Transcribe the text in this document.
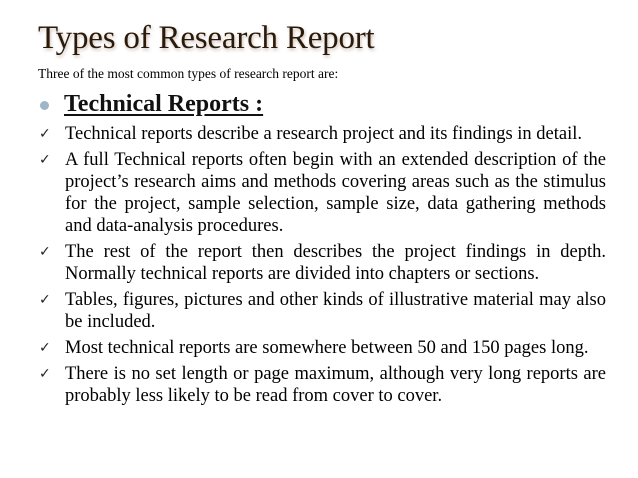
Types of Research Report
Three of the most common types of research report are:
Technical Reports :
✓ Technical reports describe a research project and its findings in detail.
✓ A full Technical reports often begin with an extended description of the project’s research aims and methods covering areas such as the stimulus for the project, sample selection, sample size, data gathering methods and data-analysis procedures.
✓ The rest of the report then describes the project findings in depth. Normally technical reports are divided into chapters or sections.
✓ Tables, figures, pictures and other kinds of illustrative material may also be included.
✓ Most technical reports are somewhere between 50 and 150 pages long.
✓ There is no set length or page maximum, although very long reports are probably less likely to be read from cover to cover.
